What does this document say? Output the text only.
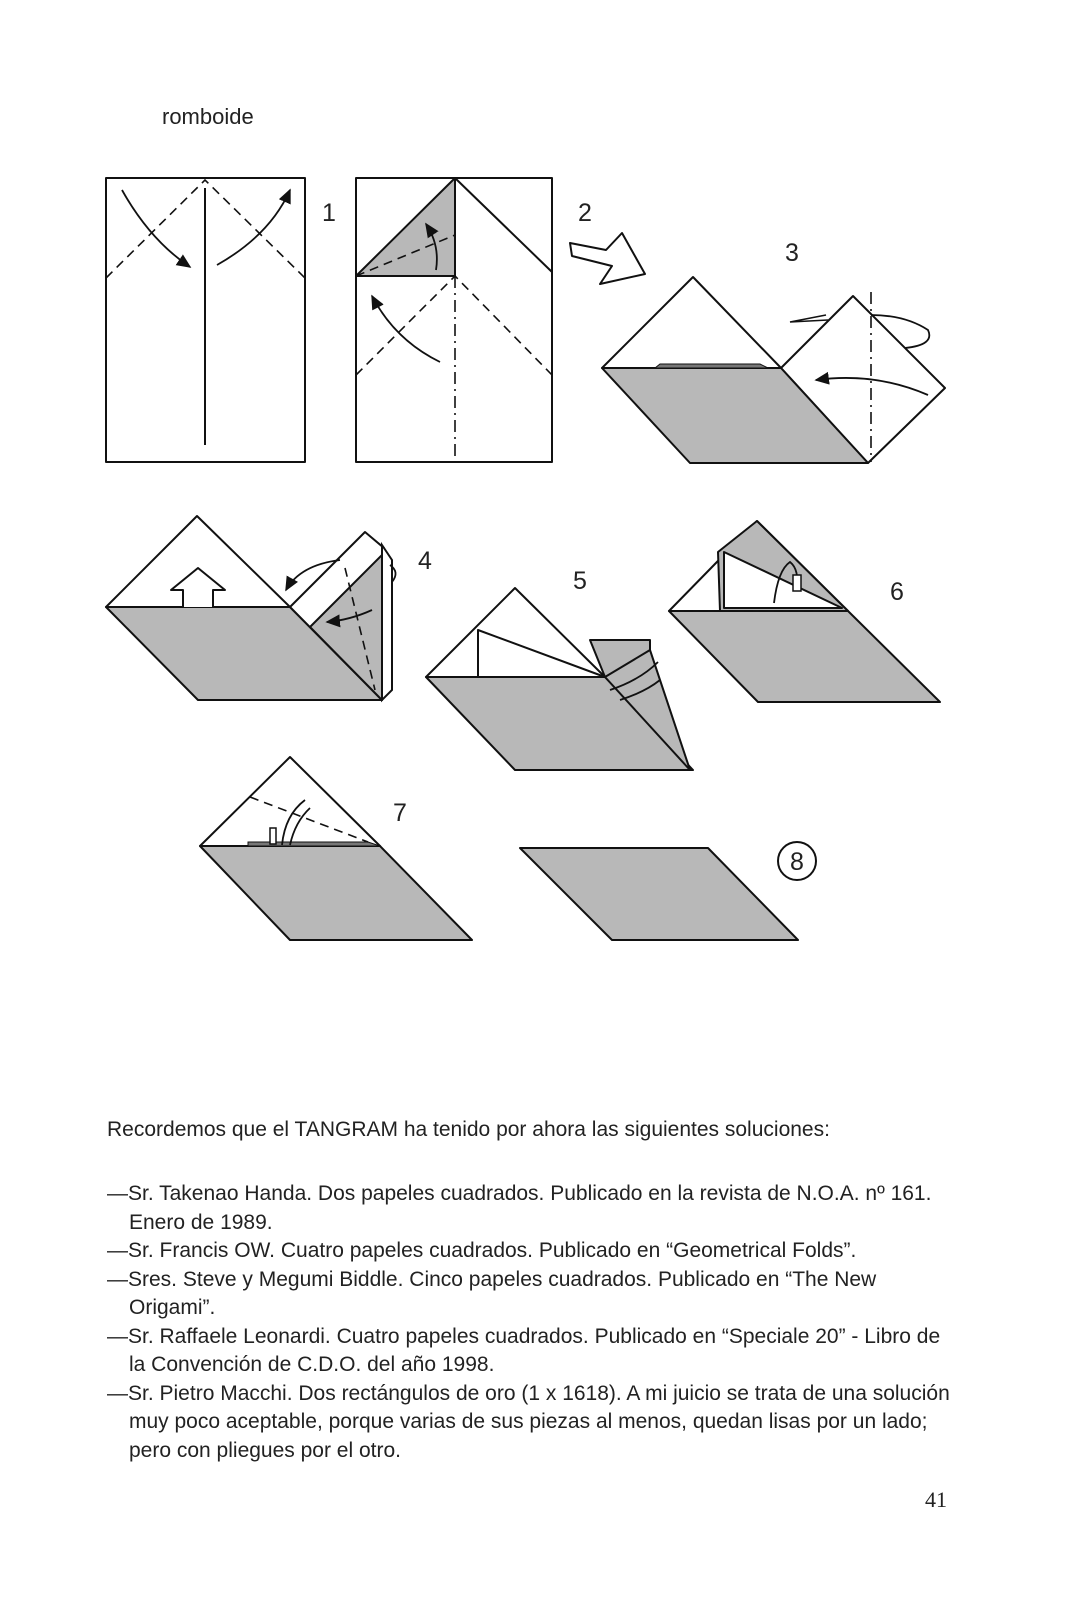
romboide
1	2
3
4
5	6
7
8
Recordemos que el TANGRAM ha tenido por ahora las siguientes soluciones:
—Sr. Takenao Handa. Dos papeles cuadrados. Publicado en la revista de N.O.A. nº 161. Enero de 1989.
—Sr. Francis OW. Cuatro papeles cuadrados. Publicado en “Geometrical Folds”.
—Sres. Steve y Megumi Biddle. Cinco papeles cuadrados. Publicado en “The New Origami”.
—Sr. Raffaele Leonardi. Cuatro papeles cuadrados. Publicado en “Speciale 20” - Libro de la Convención de C.D.O. del año 1998.
—Sr. Pietro Macchi. Dos rectángulos de oro (1 x 1618). A mi juicio se trata de una solución muy poco aceptable, porque varias de sus piezas al menos, quedan lisas por un lado; pero con pliegues por el otro.
41
